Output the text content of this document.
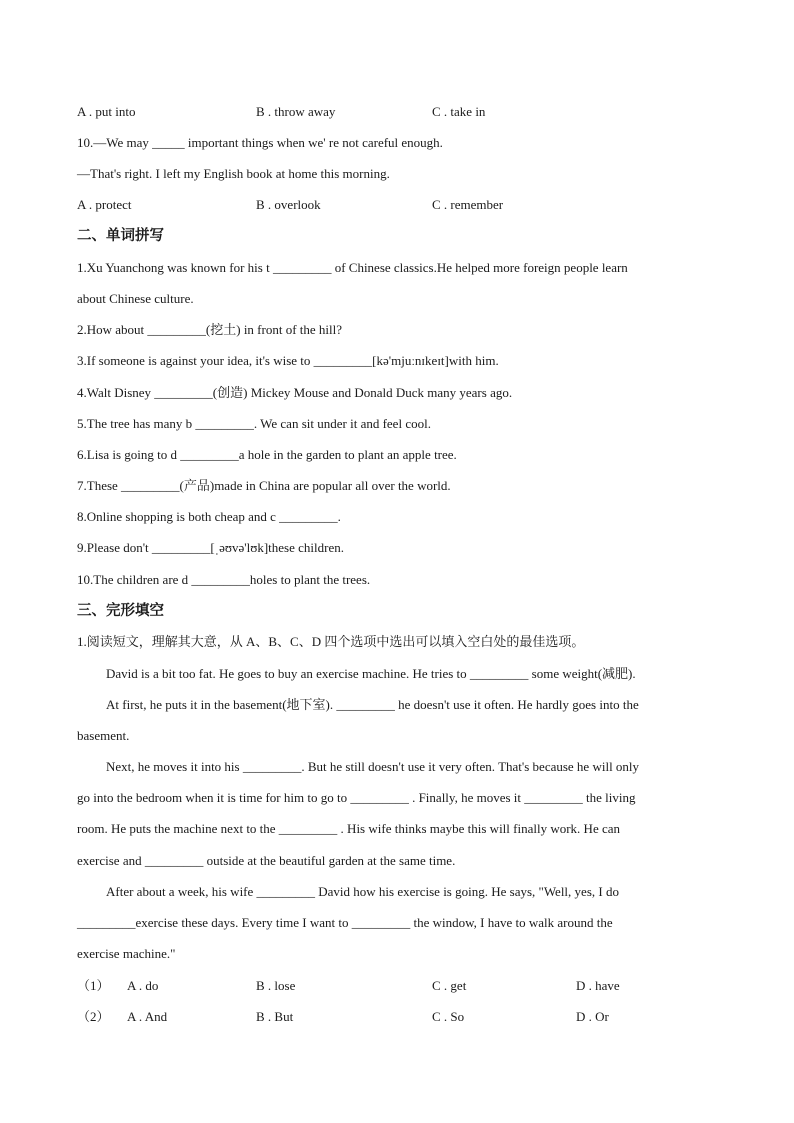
A . put into	B . throw away	C . take in
10.—We may _____ important things when we' re not careful enough.
—That's right. I left my English book at home this morning.
A . protect	B . overlook	C . remember
二、单词拼写
1.Xu Yuanchong was known for his t _________ of Chinese classics.He helped more foreign people learn
about Chinese culture.
2.How about _________(挖土) in front of the hill?
3.If someone is against your idea, it's wise to _________[kə'mjuːnɪkeɪt]with him.
4.Walt Disney _________(创造) Mickey Mouse and Donald Duck many years ago.
5.The tree has many b _________. We can sit under it and feel cool.
6.Lisa is going to d _________a hole in the garden to plant an apple tree.
7.These _________(产品)made in China are popular all over the world.
8.Online shopping is both cheap and c _________.
9.Please don't _________[ˌəʊvə'lʊk]these children.
10.The children are d _________holes to plant the trees.
三、完形填空
1.阅读短文，理解其大意，从 A、B、C、D 四个选项中选出可以填入空白处的最佳选项。
David is a bit too fat. He goes to buy an exercise machine. He tries to _________ some weight(减肥).
At first, he puts it in the basement(地下室). _________ he doesn't use it often. He hardly goes into the
basement.
Next, he moves it into his _________. But he still doesn't use it very often. That's because he will only
go into the bedroom when it is time for him to go to _________ . Finally, he moves it _________ the living
room. He puts the machine next to the _________ . His wife thinks maybe this will finally work. He can
exercise and _________ outside at the beautiful garden at the same time.
After about a week, his wife _________ David how his exercise is going. He says, "Well, yes, I do
_________exercise these days. Every time I want to _________ the window, I have to walk around the
exercise machine."
（1） A . do	B . lose	C . get	D . have
（2） A . And	B . But	C . So	D . Or
